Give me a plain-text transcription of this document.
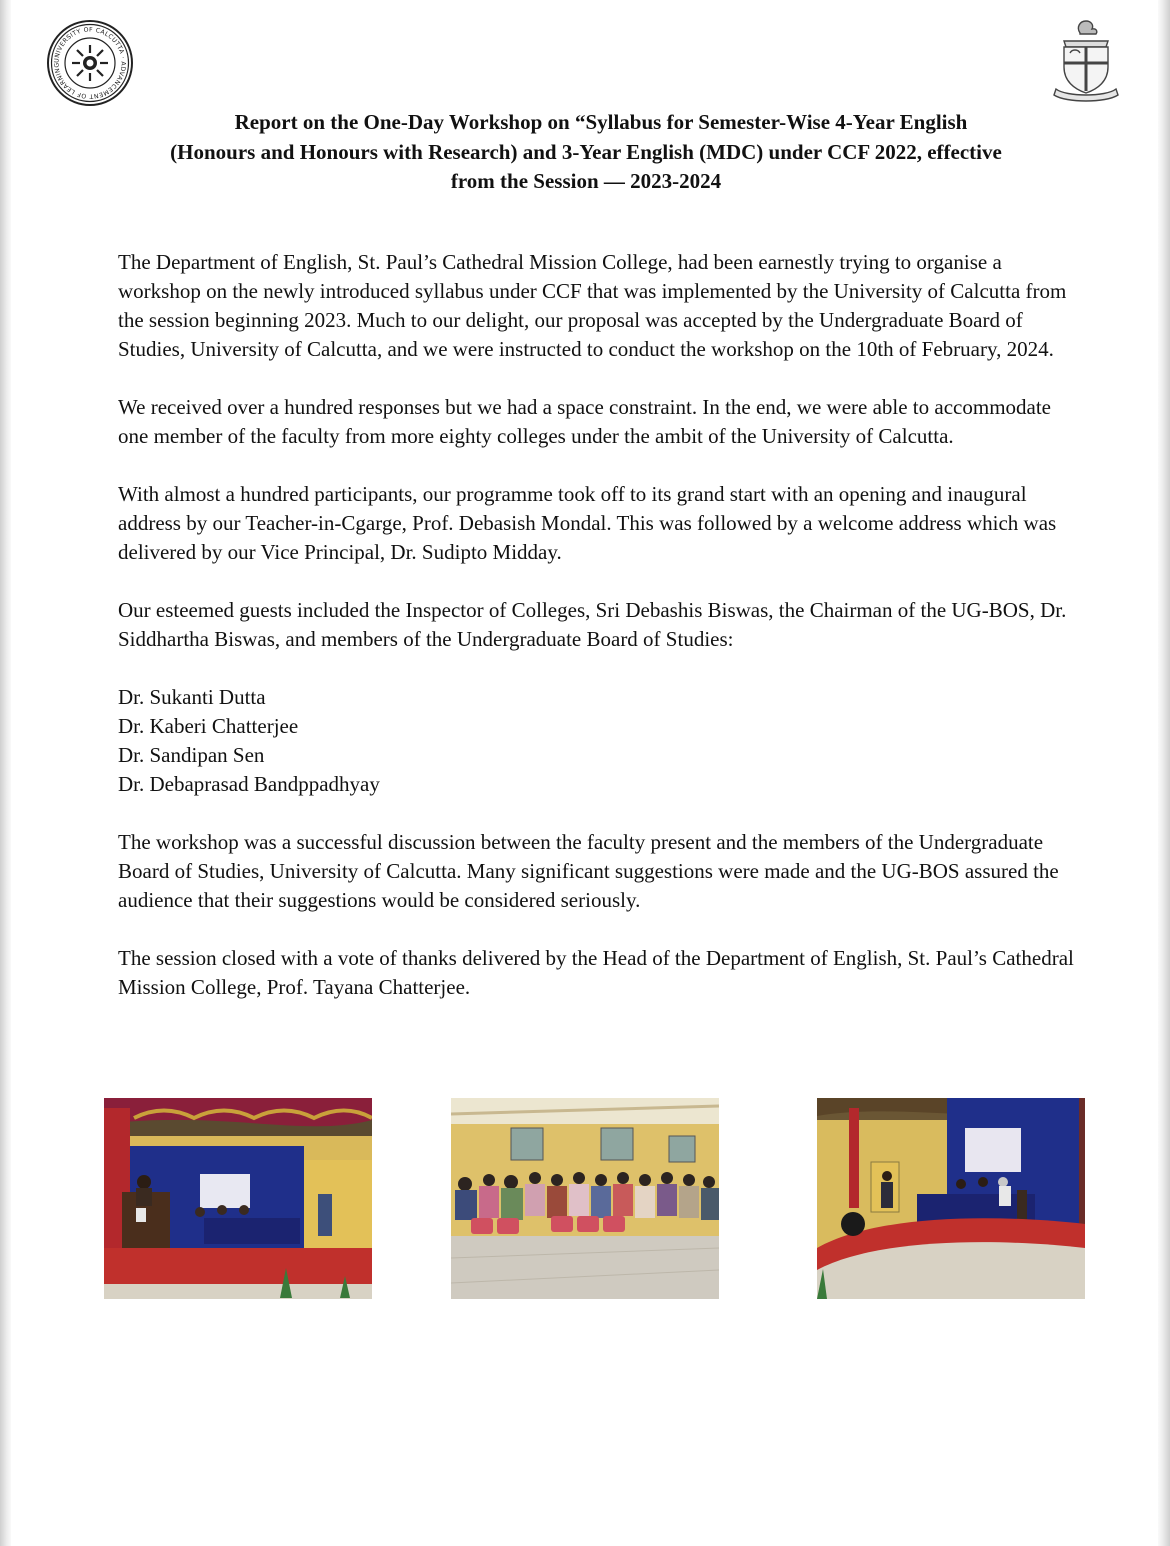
UNIVERSITY OF CALCUTTA · ADVANCEMENT OF LEARNING
Report on the One-Day Workshop on “Syllabus for Semester-Wise 4-Year English
(Honours and Honours with Research) and 3-Year English (MDC) under CCF 2022, effective
from the Session — 2023-2024

The Department of English, St. Paul’s Cathedral Mission College, had been earnestly trying to organise a workshop on the newly introduced syllabus under CCF that was implemented by the University of Calcutta from the session beginning 2023. Much to our delight, our proposal was accepted by the Undergraduate Board of Studies, University of Calcutta, and we were instructed to conduct the workshop on the 10th of February, 2024.

We received over a hundred responses but we had a space constraint. In the end, we were able to accommodate one member of the faculty from more eighty colleges under the ambit of the University of Calcutta.

With almost a hundred participants, our programme took off to its grand start with an opening and inaugural address by our Teacher-in-Cgarge, Prof. Debasish Mondal. This was followed by a welcome address which was delivered by our Vice Principal, Dr. Sudipto Midday.

Our esteemed guests included the Inspector of Colleges, Sri Debashis Biswas, the Chairman of the UG-BOS, Dr. Siddhartha Biswas, and members of the Undergraduate Board of Studies:

Dr. Sukanti Dutta
Dr. Kaberi Chatterjee
Dr. Sandipan Sen
Dr. Debaprasad Bandppadhyay

The workshop was a successful discussion between the faculty present and the members of the Undergraduate Board of Studies, University of Calcutta. Many significant suggestions were made and the UG-BOS assured the audience that their suggestions would be considered seriously.

The session closed with a vote of thanks delivered by the Head of the Department of English, St. Paul’s Cathedral Mission College, Prof. Tayana Chatterjee.
